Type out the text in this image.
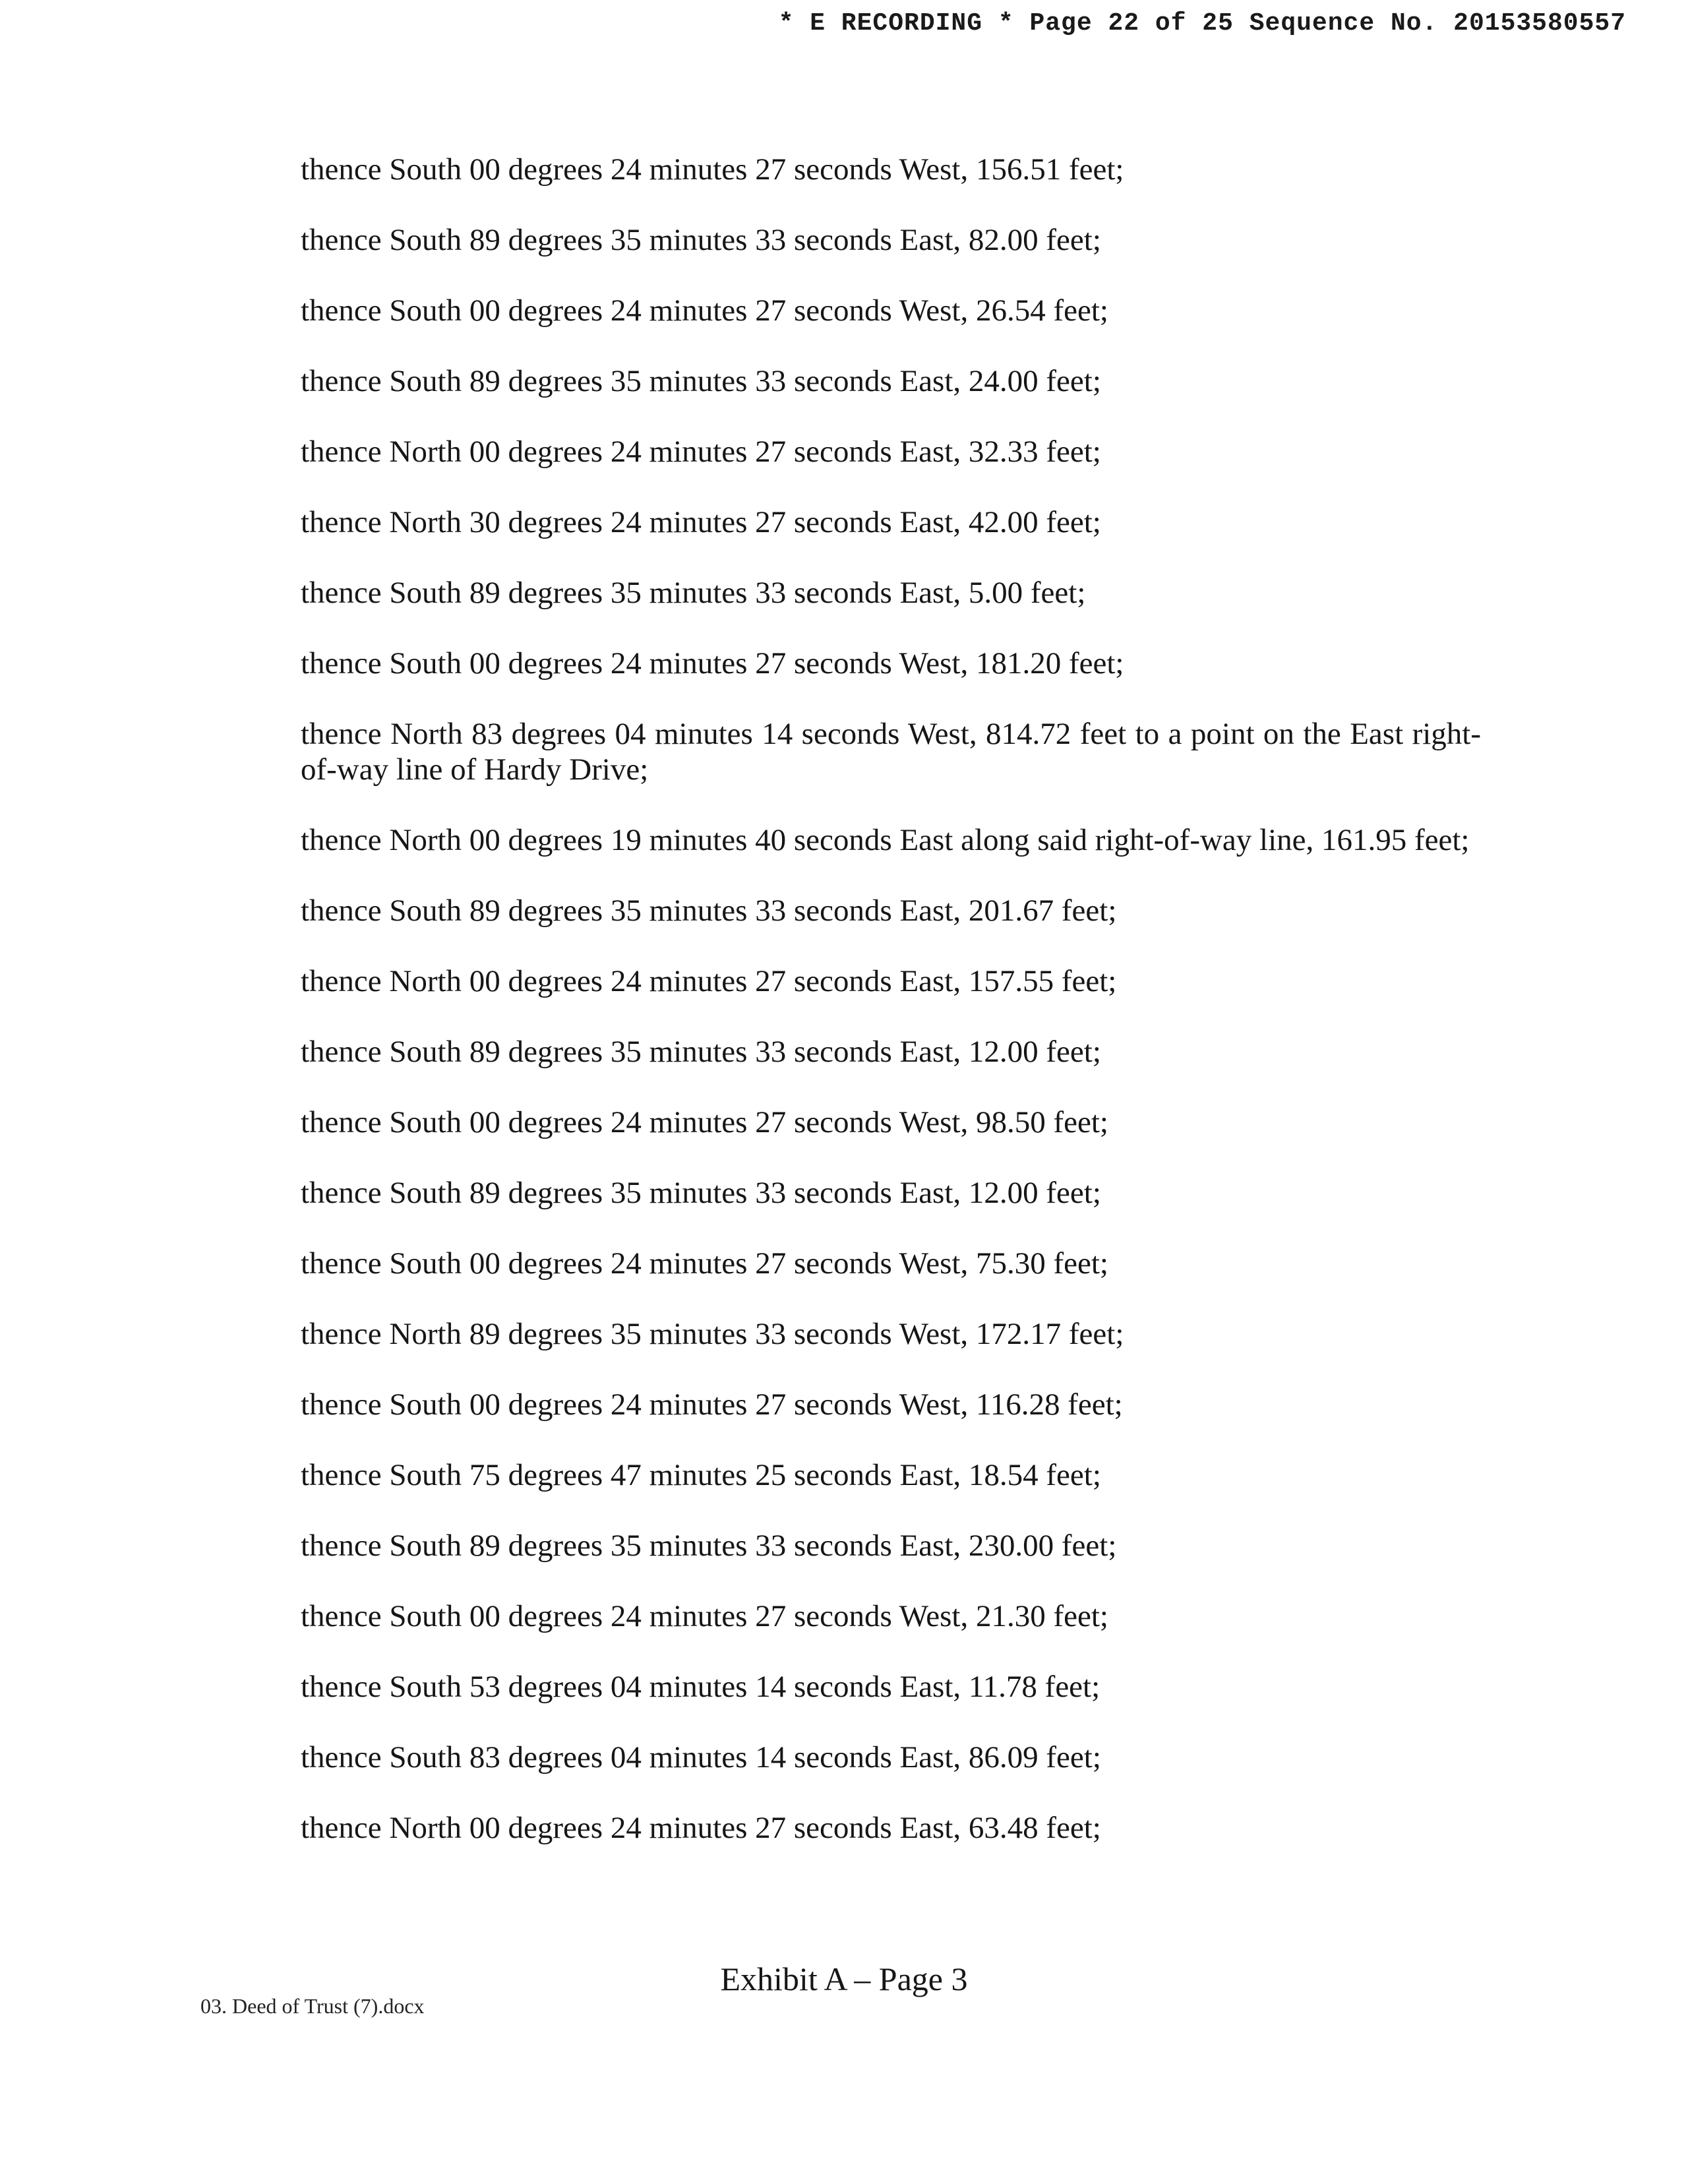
* E RECORDING * Page 22 of 25 Sequence No. 20153580557

thence South 00 degrees 24 minutes 27 seconds West, 156.51 feet;

thence South 89 degrees 35 minutes 33 seconds East, 82.00 feet;

thence South 00 degrees 24 minutes 27 seconds West, 26.54 feet;

thence South 89 degrees 35 minutes 33 seconds East, 24.00 feet;

thence North 00 degrees 24 minutes 27 seconds East, 32.33 feet;

thence North 30 degrees 24 minutes 27 seconds East, 42.00 feet;

thence South 89 degrees 35 minutes 33 seconds East, 5.00 feet;

thence South 00 degrees 24 minutes 27 seconds West, 181.20 feet;

thence North 83 degrees 04 minutes 14 seconds West, 814.72 feet to a point on the East right-of-way line of Hardy Drive;

thence North 00 degrees 19 minutes 40 seconds East along said right-of-way line, 161.95 feet;

thence South 89 degrees 35 minutes 33 seconds East, 201.67 feet;

thence North 00 degrees 24 minutes 27 seconds East, 157.55 feet;

thence South 89 degrees 35 minutes 33 seconds East, 12.00 feet;

thence South 00 degrees 24 minutes 27 seconds West, 98.50 feet;

thence South 89 degrees 35 minutes 33 seconds East, 12.00 feet;

thence South 00 degrees 24 minutes 27 seconds West, 75.30 feet;

thence North 89 degrees 35 minutes 33 seconds West, 172.17 feet;

thence South 00 degrees 24 minutes 27 seconds West, 116.28 feet;

thence South 75 degrees 47 minutes 25 seconds East, 18.54 feet;

thence South 89 degrees 35 minutes 33 seconds East, 230.00 feet;

thence South 00 degrees 24 minutes 27 seconds West, 21.30 feet;

thence South 53 degrees 04 minutes 14 seconds East, 11.78 feet;

thence South 83 degrees 04 minutes 14 seconds East, 86.09 feet;

thence North 00 degrees 24 minutes 27 seconds East, 63.48 feet;

Exhibit A – Page 3
03. Deed of Trust (7).docx
